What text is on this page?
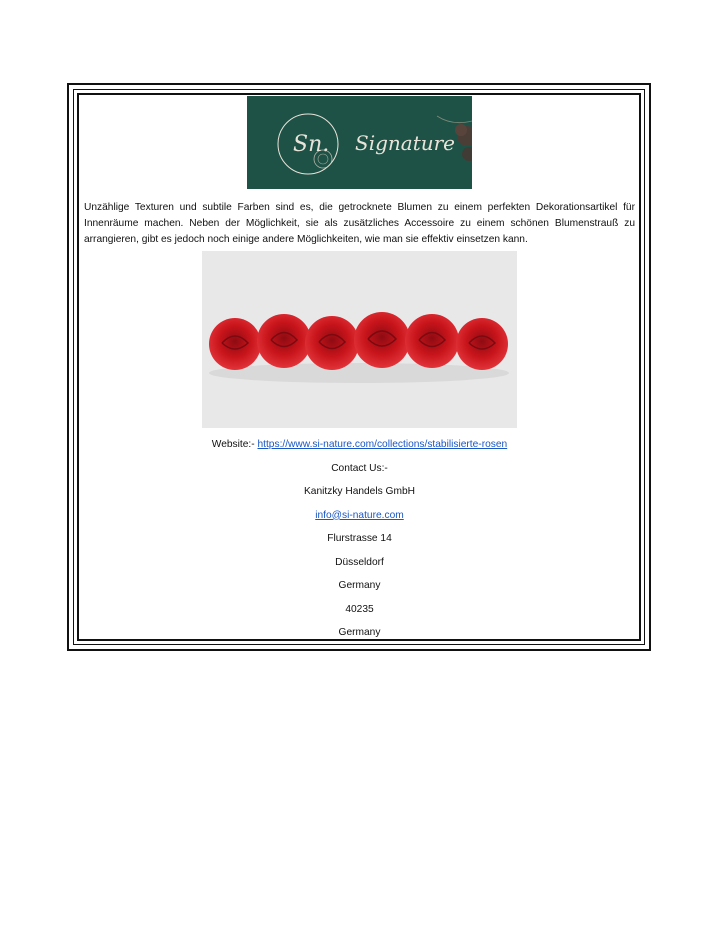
Sn. Signature
Unzählige Texturen und subtile Farben sind es, die getrocknete Blumen zu einem perfekten Dekorationsartikel für Innenräume machen. Neben der Möglichkeit, sie als zusätzliches Accessoire zu einem schönen Blumenstrauß zu arrangieren, gibt es jedoch noch einige andere Möglichkeiten, wie man sie effektiv einsetzen kann.
Website:- https://www.si-nature.com/collections/stabilisierte-rosen
Contact Us:-
Kanitzky Handels GmbH
info@si-nature.com
Flurstrasse 14
Düsseldorf
Germany
40235
Germany
